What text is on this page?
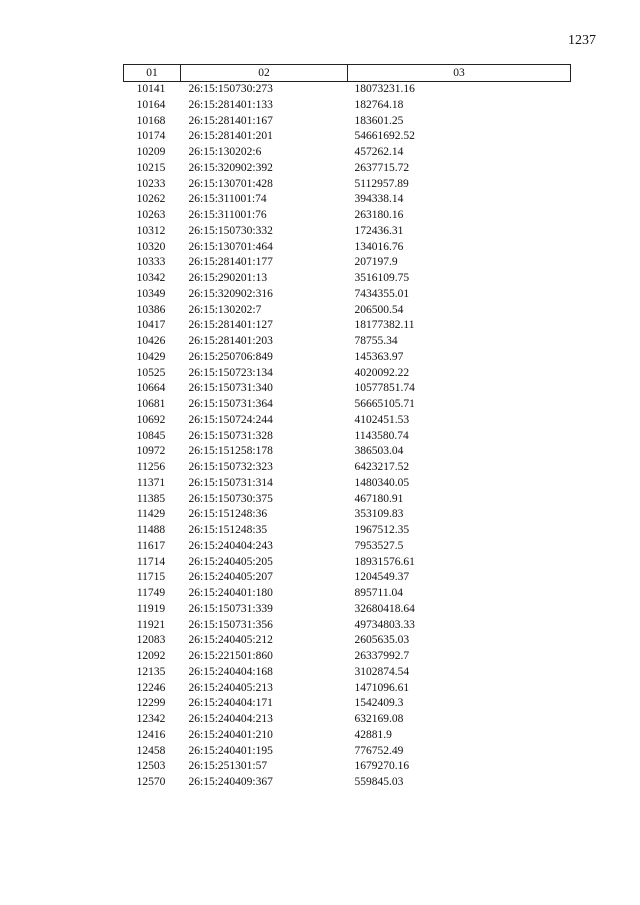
1237
01	02	03
10141	26:15:150730:273	18073231.16
10164	26:15:281401:133	182764.18
10168	26:15:281401:167	183601.25
10174	26:15:281401:201	54661692.52
10209	26:15:130202:6	457262.14
10215	26:15:320902:392	2637715.72
10233	26:15:130701:428	5112957.89
10262	26:15:311001:74	394338.14
10263	26:15:311001:76	263180.16
10312	26:15:150730:332	172436.31
10320	26:15:130701:464	134016.76
10333	26:15:281401:177	207197.9
10342	26:15:290201:13	3516109.75
10349	26:15:320902:316	7434355.01
10386	26:15:130202:7	206500.54
10417	26:15:281401:127	18177382.11
10426	26:15:281401:203	78755.34
10429	26:15:250706:849	145363.97
10525	26:15:150723:134	4020092.22
10664	26:15:150731:340	10577851.74
10681	26:15:150731:364	56665105.71
10692	26:15:150724:244	4102451.53
10845	26:15:150731:328	1143580.74
10972	26:15:151258:178	386503.04
11256	26:15:150732:323	6423217.52
11371	26:15:150731:314	1480340.05
11385	26:15:150730:375	467180.91
11429	26:15:151248:36	353109.83
11488	26:15:151248:35	1967512.35
11617	26:15:240404:243	7953527.5
11714	26:15:240405:205	18931576.61
11715	26:15:240405:207	1204549.37
11749	26:15:240401:180	895711.04
11919	26:15:150731:339	32680418.64
11921	26:15:150731:356	49734803.33
12083	26:15:240405:212	2605635.03
12092	26:15:221501:860	26337992.7
12135	26:15:240404:168	3102874.54
12246	26:15:240405:213	1471096.61
12299	26:15:240404:171	1542409.3
12342	26:15:240404:213	632169.08
12416	26:15:240401:210	42881.9
12458	26:15:240401:195	776752.49
12503	26:15:251301:57	1679270.16
12570	26:15:240409:367	559845.03
